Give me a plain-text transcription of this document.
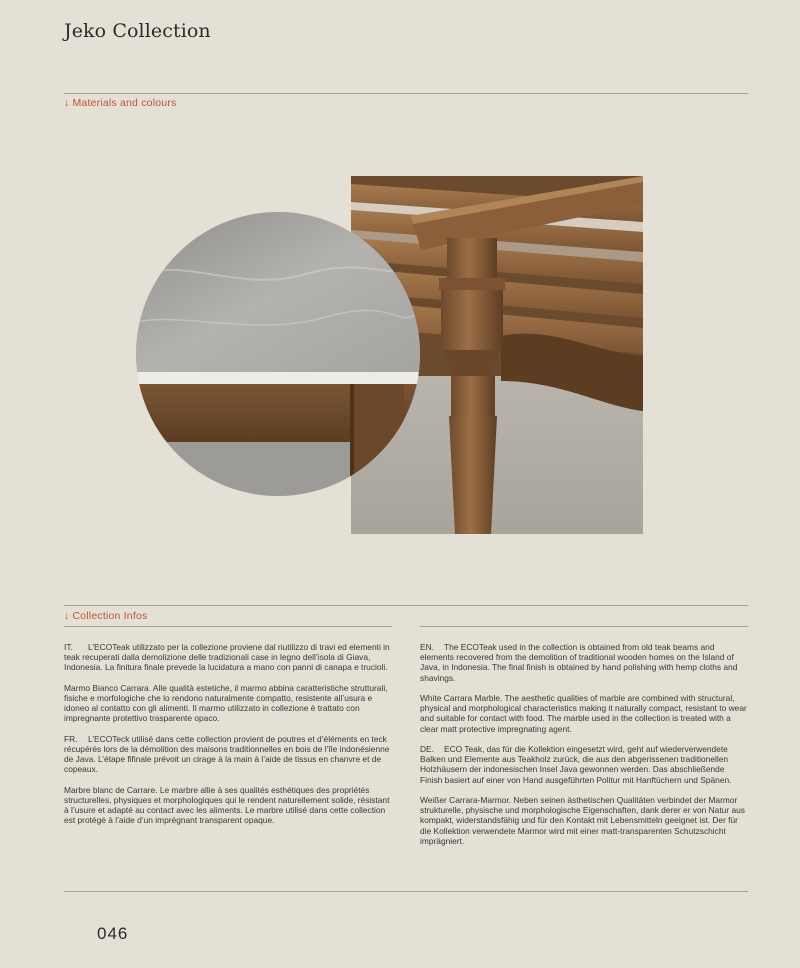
Jeko Collection
↓ Materials and colours
↓ Collection Infos

IT. L’ECOTeak utilizzato per la collezione proviene dal riutilizzo di travi ed elementi in teak recuperati dalla demolizione delle tradizionali case in legno dell’isola di Giava, Indonesia. La finitura finale prevede la lucidatura a mano con panni di canapa e trucioli.

Marmo Bianco Carrara. Alle qualità estetiche, il marmo abbina caratteristiche strutturali, fisiche e morfologiche che lo rendono naturalmente compatto, resistente all’usura e idoneo al contatto con gli alimenti. Il marmo utilizzato in collezione è trattato con impregnante protettivo trasparente opaco.

FR. L’ECOTeck utilisé dans cette collection provient de poutres et d’éléments en teck récupérés lors de la démolition des maisons traditionnelles en bois de l’île indonésienne de Java. L’étape fifinale prévoit un cirage à la main à l’aide de tissus en chanvre et de copeaux.

Marbre blanc de Carrare. Le marbre allie à ses qualités esthétiques des propriétés structurelles, physiques et morphologiques qui le rendent naturellement solide, résistant à l’usure et adapté au contact avec les aliments. Le marbre utilisé dans cette collection est protégé à l’aide d’un imprégnant transparent opaque.

EN. The ECOTeak used in the collection is obtained from old teak beams and elements recovered from the demolition of traditional wooden homes on the Island of Java, in Indonesia. The final finish is obtained by hand polishing with hemp cloths and shavings.

White Carrara Marble. The aesthetic qualities of marble are combined with structural, physical and morphological characteristics making it naturally compact, resistant to wear and suitable for contact with food. The marble used in the collection is treated with a clear matt protective impregnating agent.

DE. ECO Teak, das für die Kollektion eingesetzt wird, geht auf wiederverwendete Balken und Elemente aus Teakholz zurück, die aus den abgerissenen traditionellen Holzhäusern der indonesischen Insel Java gewonnen werden. Das abschließende Finish basiert auf einer von Hand ausgeführten Politur mit Hanftüchern und Spänen.

Weißer Carrara-Marmor. Neben seinen ästhetischen Qualitäten verbindet der Marmor strukturelle, physische und morphologische Eigenschaften, dank derer er von Natur aus kompakt, widerstandsfähig und für den Kontakt mit Lebensmitteln geeignet ist. Der für die Kollektion verwendete Marmor wird mit einer matt-transparenten Schutzschicht imprägniert.

046
